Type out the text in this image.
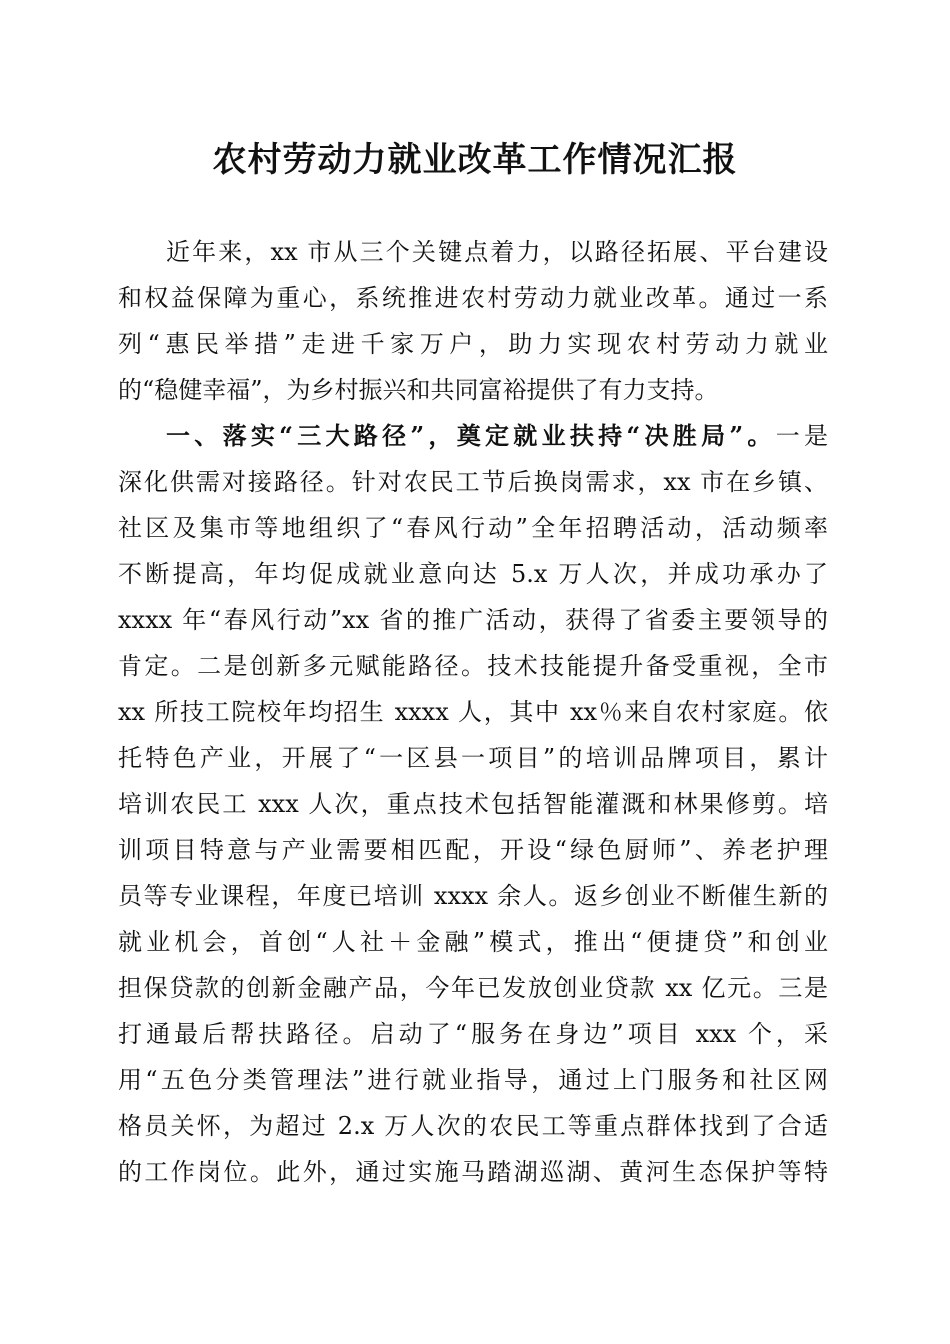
农村劳动力就业改革工作情况汇报
近年来，xx 市从三个关键点着力，以路径拓展、平台建设
和权益保障为重心，系统推进农村劳动力就业改革。通过一系
列“惠民举措”走进千家万户，助力实现农村劳动力就业
的“稳健幸福”，为乡村振兴和共同富裕提供了有力支持。
一、落实“三大路径”，奠定就业扶持“决胜局”。一是
深化供需对接路径。针对农民工节后换岗需求，xx 市在乡镇、
社区及集市等地组织了“春风行动”全年招聘活动，活动频率
不断提高，年均促成就业意向达 5.x 万人次，并成功承办了
xxxx 年“春风行动”xx 省的推广活动，获得了省委主要领导的
肯定。二是创新多元赋能路径。技术技能提升备受重视，全市
xx 所技工院校年均招生 xxxx 人，其中 xx％来自农村家庭。依
托特色产业，开展了“一区县一项目”的培训品牌项目，累计
培训农民工 xxx 人次，重点技术包括智能灌溉和林果修剪。培
训项目特意与产业需要相匹配，开设“绿色厨师”、养老护理
员等专业课程，年度已培训 xxxx 余人。返乡创业不断催生新的
就业机会，首创“人社＋金融”模式，推出“便捷贷”和创业
担保贷款的创新金融产品，今年已发放创业贷款 xx 亿元。三是
打通最后帮扶路径。启动了“服务在身边”项目 xxx 个，采
用“五色分类管理法”进行就业指导，通过上门服务和社区网
格员关怀，为超过 2.x 万人次的农民工等重点群体找到了合适
的工作岗位。此外，通过实施马踏湖巡湖、黄河生态保护等特
